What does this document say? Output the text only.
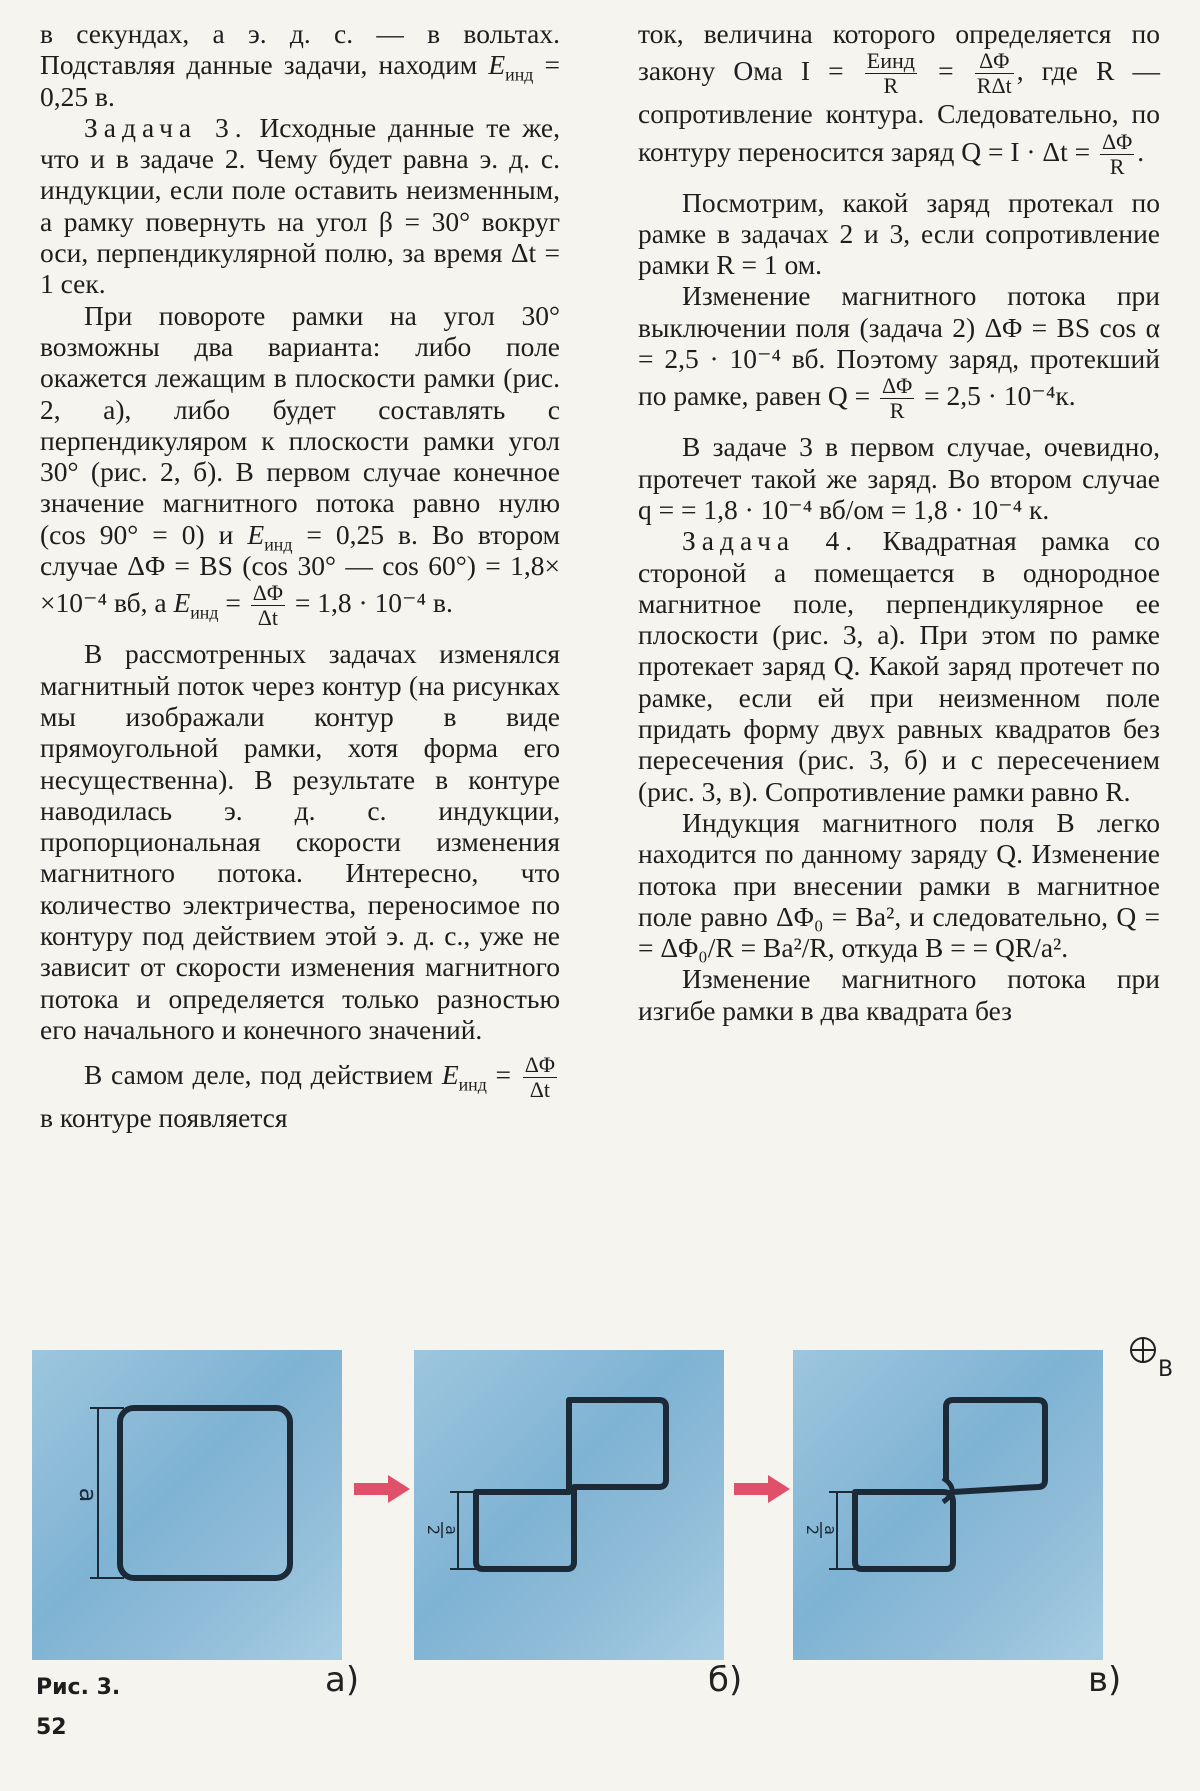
в секундах, а э. д. с. — в вольтах. Подставляя данные задачи, находим $E_{инд} = 0,25$ в.

Задача 3. Исходные данные те же, что и в задаче 2. Чему будет равна э. д. с. индукции, если поле оставить неизменным, а рамку повернуть на угол β = 30° вокруг оси, перпендикулярной полю, за время Δt = 1 сек.

При повороте рамки на угол 30° возможны два варианта: либо поле окажется лежащим в плоскости рамки (рис. 2, а), либо будет составлять с перпендикуляром к плоскости рамки угол 30° (рис. 2, б). В первом случае конечное значение магнитного потока равно нулю (cos 90° = 0) и $E_{инд} = 0,25$ в. Во втором случае ΔΦ = BS (cos 30° — cos 60°) = 1,8× ×10⁻⁴ вб, а $E_{инд} = \frac{\Delta\Phi}{\Delta t} = 1,8 \cdot 10^{-4}$ в.

В рассмотренных задачах изменялся магнитный поток через контур (на рисунках мы изображали контур в виде прямоугольной рамки, хотя форма его несущественна). В результате в контуре наводилась э. д. с. индукции, пропорциональная скорости изменения магнитного потока. Интересно, что количество электричества, переносимое по контуру под действием этой э. д. с., уже не зависит от скорости изменения магнитного потока и определяется только разностью его начального и конечного значений.

В самом деле, под действием $E_{инд} = \frac{\Delta\Phi}{\Delta t}$
в контуре появляется

ток, величина которого определяется по закону Ома $I = \frac{\text{Eинд}}{R} = \frac{\Delta\Phi}{\text{RΔt}}$ , где R — сопротивление контура. Следовательно, по контуру переносится заряд $Q = I \cdot \Delta t = \frac{\Delta\Phi}{R}$ .

Посмотрим, какой заряд протекал по рамке в задачах 2 и 3, если сопротивление рамки R = 1 ом.

Изменение магнитного потока при выключении поля (задача 2) ΔΦ = BS cos α = 2,5 · 10⁻⁴ вб. Поэтому заряд, протекший по рамке, равен $Q = \frac{\Delta\Phi}{R} = 2,5 \cdot 10^{-4}к$.

В задаче 3 в первом случае, очевидно, протечет такой же заряд. Во втором случае q = = 1,8 · 10⁻⁴ вб/ом = 1,8 · 10⁻⁴ к.

Задача 4. Квадратная рамка со стороной а помещается в однородное магнитное поле, перпендикулярное ее плоскости (рис. 3, а). При этом по рамке протекает заряд Q. Какой заряд протечет по рамке, если ей при неизменном поле придать форму двух равных квадратов без пересечения (рис. 3, б) и с пересечением (рис. 3, в). Сопротивление рамки равно R.

Индукция магнитного поля B легко находится по данному заряду Q. Изменение потока при внесении рамки в магнитное поле равно ΔΦ₀ = Ba², и следовательно, Q = = ΔΦ₀/R = Ba²/R, откуда B = = QR/a².

Изменение магнитного потока при изгибе рамки в два квадрата без

a
а)
a
2
б)
a
2
в)
B
Рис. 3.
52
